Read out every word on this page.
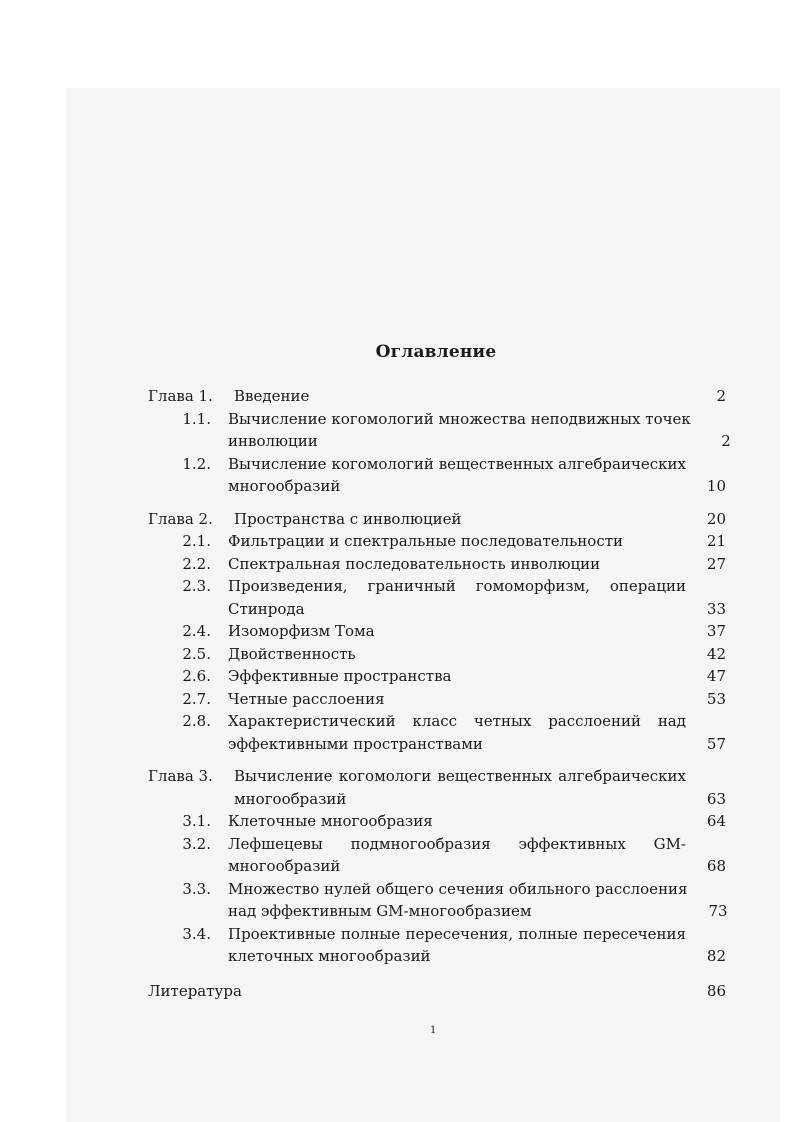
Оглавление
Глава 1.	Введение	2
1.1. Вычисление когомологий множества неподвижных точек
инволюции	2
1.2. Вычисление когомологий вещественных алгебраических
многообразий	10
Глава 2.	Пространства с инволюцией	20
2.1. Фильтрации и спектральные последовательности	21
2.2. Спектральная последовательность инволюции	27
2.3. Произведения, граничный гомоморфизм, операции
Стинрода	33
2.4. Изоморфизм Тома	37
2.5. Двойственность	42
2.6. Эффективные пространства	47
2.7. Четные расслоения	53
2.8. Характеристический класс четных расслоений над
эффективными пространствами	57
Глава 3.	Вычисление когомологи вещественных алгебраических
многообразий	63
3.1. Клеточные многообразия	64
3.2. Лефшецевы подмногообразия эффективных GM-
многообразий	68
3.3. Множество нулей общего сечения обильного расслоения
над эффективным GM-многообразием	73
3.4. Проективные полные пересечения, полные пересечения
клеточных многообразий	82
Литература	86
1
